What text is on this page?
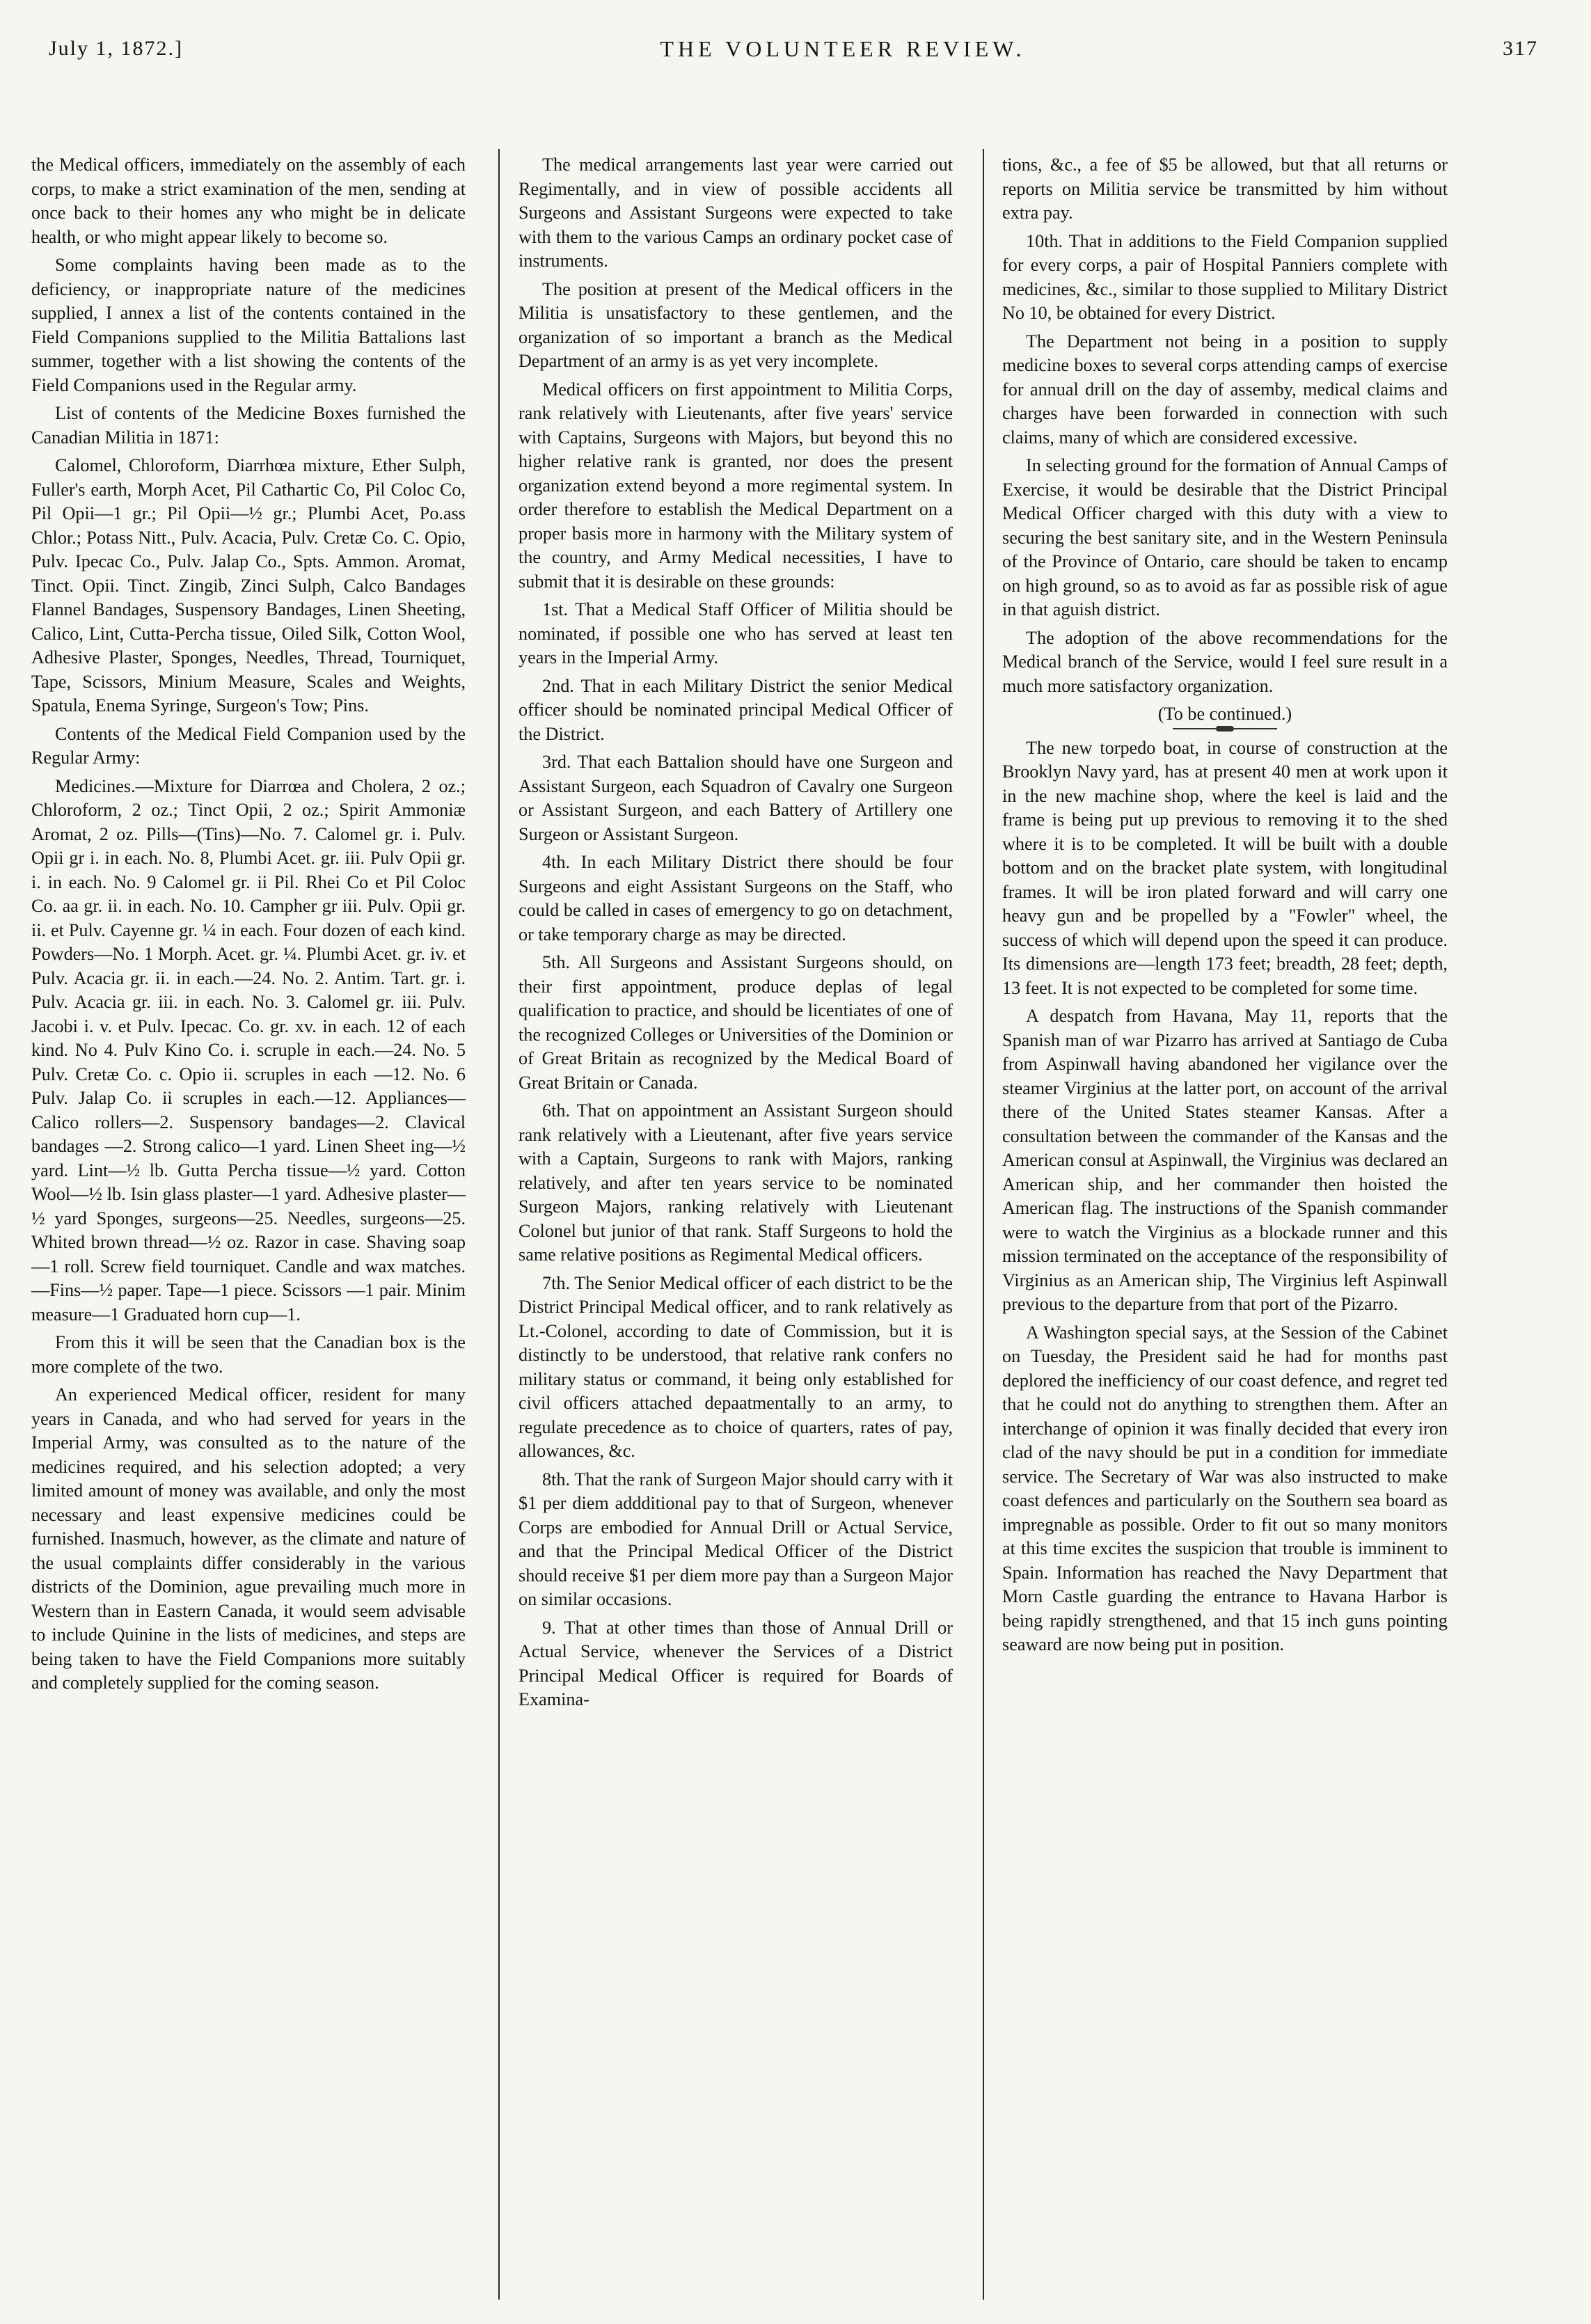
July 1, 1872.]	THE VOLUNTEER REVIEW.	317

the Medical officers, immediately on the assembly of each corps, to make a strict examination of the men, sending at once back to their homes any who might be in delicate health, or who might appear likely to become so.

Some complaints having been made as to the deficiency, or inappropriate nature of the medicines supplied, I annex a list of the contents contained in the Field Companions supplied to the Militia Battalions last summer, together with a list showing the contents of the Field Companions used in the Regular army.

List of contents of the Medicine Boxes furnished the Canadian Militia in 1871:

Calomel, Chloroform, Diarrhœa mixture, Ether Sulph, Fuller's earth, Morph Acet, Pil Cathartic Co, Pil Coloc Co, Pil Opii—1 gr.; Pil Opii—½ gr.; Plumbi Acet, Po.ass Chlor.; Potass Nitt., Pulv. Acacia, Pulv. Cretæ Co. C. Opio, Pulv. Ipecac Co., Pulv. Jalap Co., Spts. Ammon. Aromat, Tinct. Opii. Tinct. Zingib, Zinci Sulph, Calco Bandages Flannel Bandages, Suspensory Bandages, Linen Sheeting, Calico, Lint, Cutta-Percha tissue, Oiled Silk, Cotton Wool, Adhesive Plaster, Sponges, Needles, Thread, Tourniquet, Tape, Scissors, Minium Measure, Scales and Weights, Spatula, Enema Syringe, Surgeon's Tow; Pins.

Contents of the Medical Field Companion used by the Regular Army:

Medicines.—Mixture for Diarrœa and Cholera, 2 oz.; Chloroform, 2 oz.; Tinct Opii, 2 oz.; Spirit Ammoniæ Aromat, 2 oz. Pills—(Tins)—No. 7. Calomel gr. i. Pulv. Opii gr i. in each. No. 8, Plumbi Acet. gr. iii. Pulv Opii gr. i. in each. No. 9 Calomel gr. ii Pil. Rhei Co et Pil Coloc Co. aa gr. ii. in each. No. 10. Campher gr iii. Pulv. Opii gr. ii. et Pulv. Cayenne gr. ¼ in each. Four dozen of each kind. Powders—No. 1 Morph. Acet. gr. ¼. Plumbi Acet. gr. iv. et Pulv. Acacia gr. ii. in each.—24. No. 2. Antim. Tart. gr. i. Pulv. Acacia gr. iii. in each. No. 3. Calomel gr. iii. Pulv. Jacobi i. v. et Pulv. Ipecac. Co. gr. xv. in each. 12 of each kind. No 4. Pulv Kino Co. i. scruple in each.—24. No. 5 Pulv. Cretæ Co. c. Opio ii. scruples in each —12. No. 6 Pulv. Jalap Co. ii scruples in each.—12. Appliances—Calico rollers—2. Suspensory bandages—2. Clavical bandages —2. Strong calico—1 yard. Linen Sheet ing—½ yard. Lint—½ lb. Gutta Percha tissue—½ yard. Cotton Wool—½ lb. Isin glass plaster—1 yard. Adhesive plaster—½ yard Sponges, surgeons—25. Needles, surgeons—25. Whited brown thread—½ oz. Razor in case. Shaving soap—1 roll. Screw field tourniquet. Candle and wax matches. —Fins—½ paper. Tape—1 piece. Scissors —1 pair. Minim measure—1 Graduated horn cup—1.

From this it will be seen that the Canadian box is the more complete of the two.

An experienced Medical officer, resident for many years in Canada, and who had served for years in the Imperial Army, was consulted as to the nature of the medicines required, and his selection adopted; a very limited amount of money was available, and only the most necessary and least expensive medicines could be furnished. Inasmuch, however, as the climate and nature of the usual complaints differ considerably in the various districts of the Dominion, ague prevailing much more in Western than in Eastern Canada, it would seem advisable to include Quinine in the lists of medicines, and steps are being taken to have the Field Companions more suitably and completely supplied for the coming season.

The medical arrangements last year were carried out Regimentally, and in view of possible accidents all Surgeons and Assistant Surgeons were expected to take with them to the various Camps an ordinary pocket case of instruments.

The position at present of the Medical officers in the Militia is unsatisfactory to these gentlemen, and the organization of so important a branch as the Medical Department of an army is as yet very incomplete.

Medical officers on first appointment to Militia Corps, rank relatively with Lieutenants, after five years' service with Captains, Surgeons with Majors, but beyond this no higher relative rank is granted, nor does the present organization extend beyond a more regimental system. In order therefore to establish the Medical Department on a proper basis more in harmony with the Military system of the country, and Army Medical necessities, I have to submit that it is desirable on these grounds:

1st. That a Medical Staff Officer of Militia should be nominated, if possible one who has served at least ten years in the Imperial Army.

2nd. That in each Military District the senior Medical officer should be nominated principal Medical Officer of the District.

3rd. That each Battalion should have one Surgeon and Assistant Surgeon, each Squadron of Cavalry one Surgeon or Assistant Surgeon, and each Battery of Artillery one Surgeon or Assistant Surgeon.

4th. In each Military District there should be four Surgeons and eight Assistant Surgeons on the Staff, who could be called in cases of emergency to go on detachment, or take temporary charge as may be directed.

5th. All Surgeons and Assistant Surgeons should, on their first appointment, produce deplas of legal qualification to practice, and should be licentiates of one of the recognized Colleges or Universities of the Dominion or of Great Britain as recognized by the Medical Board of Great Britain or Canada.

6th. That on appointment an Assistant Surgeon should rank relatively with a Lieutenant, after five years service with a Captain, Surgeons to rank with Majors, ranking relatively, and after ten years service to be nominated Surgeon Majors, ranking relatively with Lieutenant Colonel but junior of that rank. Staff Surgeons to hold the same relative positions as Regimental Medical officers.

7th. The Senior Medical officer of each district to be the District Principal Medical officer, and to rank relatively as Lt.-Colonel, according to date of Commission, but it is distinctly to be understood, that relative rank confers no military status or command, it being only established for civil officers attached depaatmentally to an army, to regulate precedence as to choice of quarters, rates of pay, allowances, &c.

8th. That the rank of Surgeon Major should carry with it $1 per diem addditional pay to that of Surgeon, whenever Corps are embodied for Annual Drill or Actual Service, and that the Principal Medical Officer of the District should receive $1 per diem more pay than a Surgeon Major on similar occasions.

9. That at other times than those of Annual Drill or Actual Service, whenever the Services of a District Principal Medical Officer is required for Boards of Examina-

tions, &c., a fee of $5 be allowed, but that all returns or reports on Militia service be transmitted by him without extra pay.

10th. That in additions to the Field Companion supplied for every corps, a pair of Hospital Panniers complete with medicines, &c., similar to those supplied to Military District No 10, be obtained for every District.

The Department not being in a position to supply medicine boxes to several corps attending camps of exercise for annual drill on the day of assemby, medical claims and charges have been forwarded in connection with such claims, many of which are considered excessive.

In selecting ground for the formation of Annual Camps of Exercise, it would be desirable that the District Principal Medical Officer charged with this duty with a view to securing the best sanitary site, and in the Western Peninsula of the Province of Ontario, care should be taken to encamp on high ground, so as to avoid as far as possible risk of ague in that aguish district.

The adoption of the above recommendations for the Medical branch of the Service, would I feel sure result in a much more satisfactory organization.

(To be continued.)

The new torpedo boat, in course of construction at the Brooklyn Navy yard, has at present 40 men at work upon it in the new machine shop, where the keel is laid and the frame is being put up previous to removing it to the shed where it is to be completed. It will be built with a double bottom and on the bracket plate system, with longitudinal frames. It will be iron plated forward and will carry one heavy gun and be propelled by a "Fowler" wheel, the success of which will depend upon the speed it can produce. Its dimensions are—length 173 feet; breadth, 28 feet; depth, 13 feet. It is not expected to be completed for some time.

A despatch from Havana, May 11, reports that the Spanish man of war Pizarro has arrived at Santiago de Cuba from Aspinwall having abandoned her vigilance over the steamer Virginius at the latter port, on account of the arrival there of the United States steamer Kansas. After a consultation between the commander of the Kansas and the American consul at Aspinwall, the Virginius was declared an American ship, and her commander then hoisted the American flag. The instructions of the Spanish commander were to watch the Virginius as a blockade runner and this mission terminated on the acceptance of the responsibility of Virginius as an American ship, The Virginius left Aspinwall previous to the departure from that port of the Pizarro.

A Washington special says, at the Session of the Cabinet on Tuesday, the President said he had for months past deplored the inefficiency of our coast defence, and regret ted that he could not do anything to strengthen them. After an interchange of opinion it was finally decided that every iron clad of the navy should be put in a condition for immediate service. The Secretary of War was also instructed to make coast defences and particularly on the Southern sea board as impregnable as possible. Order to fit out so many monitors at this time excites the suspicion that trouble is imminent to Spain. Information has reached the Navy Department that Morn Castle guarding the entrance to Havana Harbor is being rapidly strengthened, and that 15 inch guns pointing seaward are now being put in position.
